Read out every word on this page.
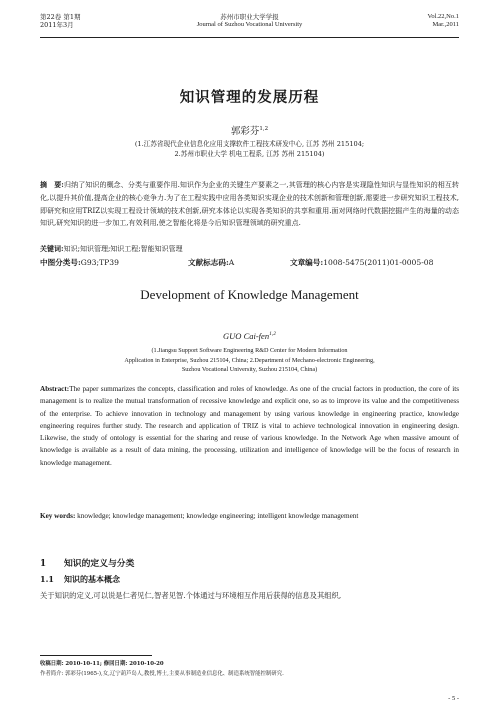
第22卷 第1期
2011年3月
苏州市职业大学学报
Journal of Suzhou Vocational University
Vol.22,No.1
Mar.,2011
知识管理的发展历程
郭彩芬$^{1,2}$
(1.江苏省现代企业信息化应用支撑软件工程技术研发中心, 江苏 苏州 215104;
2.苏州市职业大学 机电工程系, 江苏 苏州 215104)
摘　要:归纳了知识的概念、分类与重要作用.知识作为企业的关键生产要素之一,其管理的核心内容是实现隐性知识与显性知识的相互转化,以提升其价值,提高企业的核心竞争力.为了在工程实践中应用各类知识实现企业的技术创新和管理创新,需要进一步研究知识工程技术,即研究和应用TRIZ以实现工程设计领域的技术创新,研究本体论以实现各类知识的共享和重用.面对网络时代数据挖掘产生的海量的动态知识,研究知识的进一步加工,有效利用,使之智能化将是今后知识管理领域的研究重点.
关键词:知识;知识管理;知识工程;智能知识管理
中图分类号:G93;TP39	文献标志码:A	文章编号:1008-5475(2011)01-0005-08
Development of Knowledge Management
GUO Cai-fen$^{1,2}$
(1.Jiangsu Support Software Engineering R&D Center for Modern Information
Application in Enterprise, Suzhou 215104, China; 2.Department of Mechano-electronic Engineering,
Suzhou Vocational University, Suzhou 215104, China)
Abstract:The paper summarizes the concepts, classification and roles of knowledge. As one of the crucial factors in production, the core of its management is to realize the mutual transformation of recessive knowledge and explicit one, so as to improve its value and the competitiveness of the enterprise. To achieve innovation in technology and management by using various knowledge in engineering practice, knowledge engineering requires further study. The research and application of TRIZ is vital to achieve technological innovation in engineering design. Likewise, the study of ontology is essential for the sharing and reuse of various knowledge. In the Network Age when massive amount of knowledge is available as a result of data mining, the processing, utilization and intelligence of knowledge will be the focus of research in knowledge management.
Key words: knowledge; knowledge management; knowledge engineering; intelligent knowledge management
1 知识的定义与分类
1.1 知识的基本概念
关于知识的定义,可以说是仁者见仁,智者见智.个体通过与环境相互作用后获得的信息及其组织,
收稿日期: 2010-10-11; 修回日期: 2010-10-20
作者简介: 郭彩芬(1965-),女,辽宁葫芦岛人,教授,博士,主要从事制造业信息化、制造系统智能控制研究.
- 5 -
